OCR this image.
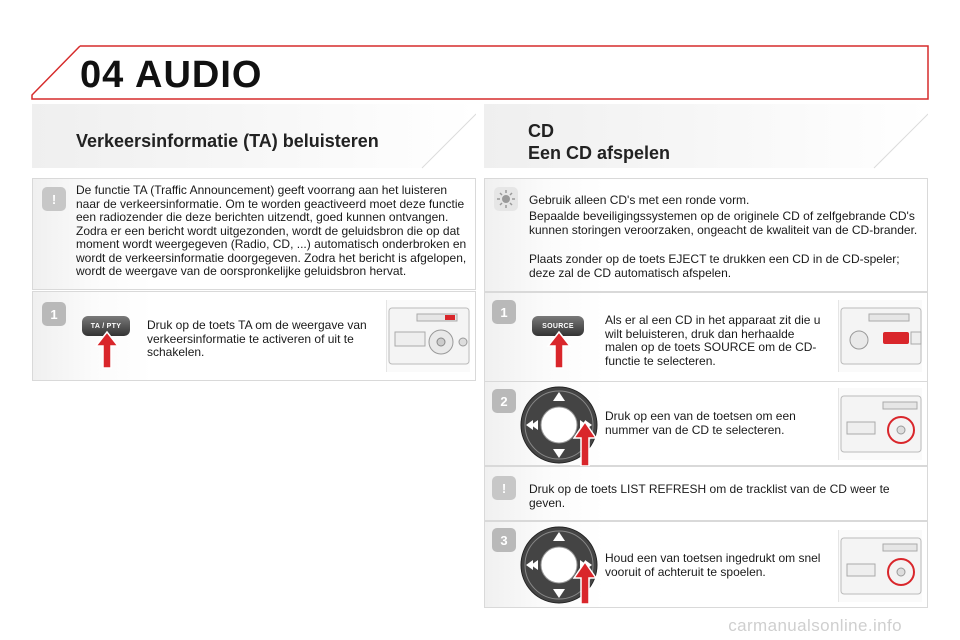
04 AUDIO
Verkeersinformatie (TA) beluisteren
!
De functie TA (Traffic Announcement) geeft voorrang aan het luisteren naar de verkeersinformatie. Om te worden geactiveerd moet deze functie een radiozender die deze berichten uitzendt, goed kunnen ontvangen. Zodra er een bericht wordt uitgezonden, wordt de geluidsbron die op dat moment wordt weergegeven (Radio, CD, ...) automatisch onderbroken en wordt de verkeersinformatie doorgegeven. Zodra het bericht is afgelopen, wordt de weergave van de oorspronkelijke geluidsbron hervat.
1
TA / PTY	Druk op de toets TA om de weergave van verkeersinformatie te activeren of uit te schakelen.
CD
Een CD afspelen
Gebruik alleen CD's met een ronde vorm.
Bepaalde beveiligingssystemen op de originele CD of zelfgebrande CD's kunnen storingen veroorzaken, ongeacht de kwaliteit van de CD-brander.
Plaats zonder op de toets EJECT te drukken een CD in de CD-speler; deze zal de CD automatisch afspelen.
1
SOURCE	Als er al een CD in het apparaat zit die u wilt beluisteren, druk dan herhaalde malen op de toets SOURCE om de CD-functie te selecteren.
2
Druk op een van de toetsen om een nummer van de CD te selecteren.
!	Druk op de toets LIST REFRESH om de tracklist van de CD weer te geven.
3
Houd een van toetsen ingedrukt om snel vooruit of achteruit te spoelen.
carmanualsonline.info
